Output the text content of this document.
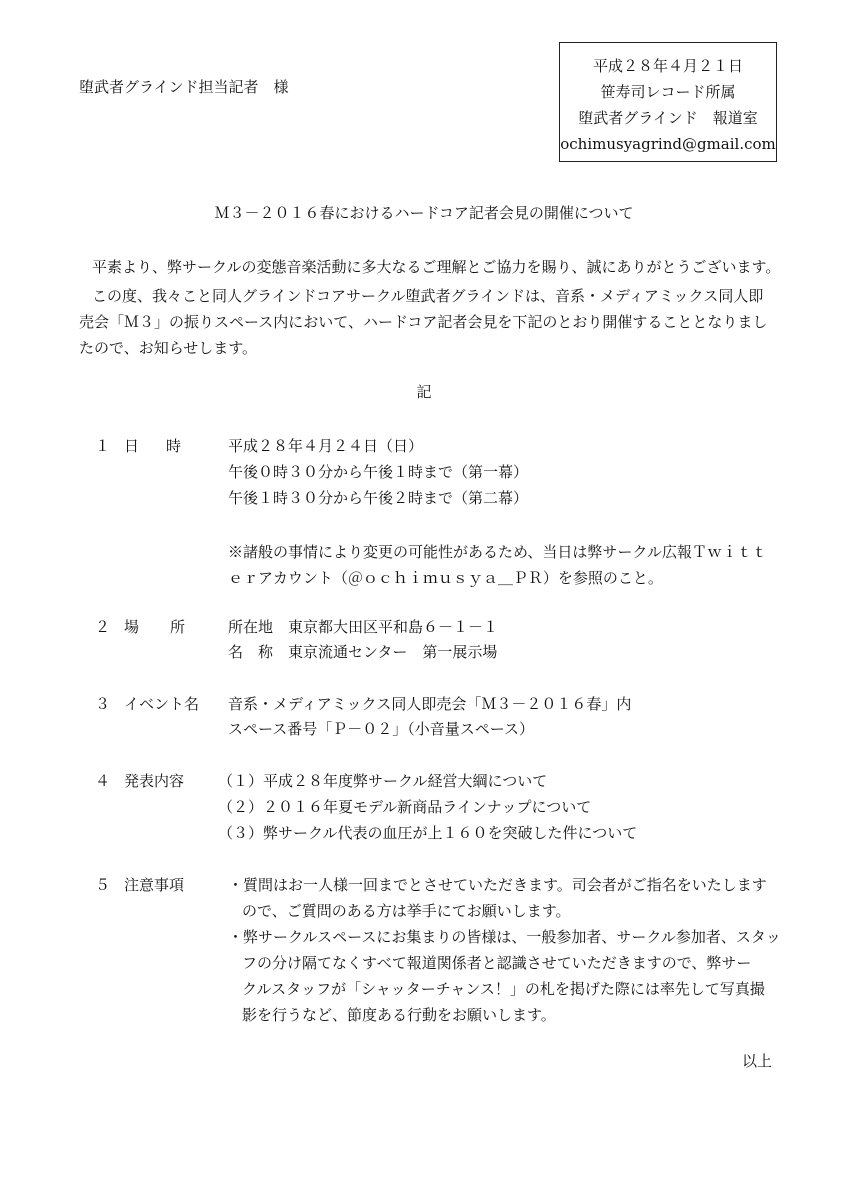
堕武者グラインド担当記者　様
平成２８年４月２１日
笹寿司レコード所属
堕武者グラインド　報道室
ochimusyagrind@gmail.com
Ｍ３－２０１６春におけるハードコア記者会見の開催について
平素より、弊サークルの変態音楽活動に多大なるご理解とご協力を賜り、誠にありがとうございます。
この度、我々こと同人グラインドコアサークル堕武者グラインドは、音系・メディアミックス同人即
売会「Ｍ３」の振りスペース内において、ハードコア記者会見を下記のとおり開催することとなりまし
たので、お知らせします。
記
１ 日 時	平成２８年４月２４日（日）
午後０時３０分から午後１時まで（第一幕）
午後１時３０分から午後２時まで（第二幕）
※諸般の事情により変更の可能性があるため、当日は弊サークル広報Ｔｗｉｔｔ
ｅｒアカウント（＠ｏｃｈｉｍｕｓｙａ＿ＰＲ）を参照のこと。
２ 場 所	所在地　東京都大田区平和島６－１－１
名　称　東京流通センター　第一展示場
３ イベント名 音系・メディアミックス同人即売会「Ｍ３－２０１６春」内
スペース番号「Ｐ－０２」（小音量スペース）
４ 発表内容 （１）平成２８年度弊サークル経営大綱について
（２）２０１６年夏モデル新商品ラインナップについて
（３）弊サークル代表の血圧が上１６０を突破した件について
５ 注意事項	・質問はお一人様一回までとさせていただきます。司会者がご指名をいたします
ので、ご質問のある方は挙手にてお願いします。
・弊サークルスペースにお集まりの皆様は、一般参加者、サークル参加者、スタッ
フの分け隔てなくすべて報道関係者と認識させていただきますので、弊サー
クルスタッフが「シャッターチャンス！」の札を掲げた際には率先して写真撮
影を行うなど、節度ある行動をお願いします。
以上
